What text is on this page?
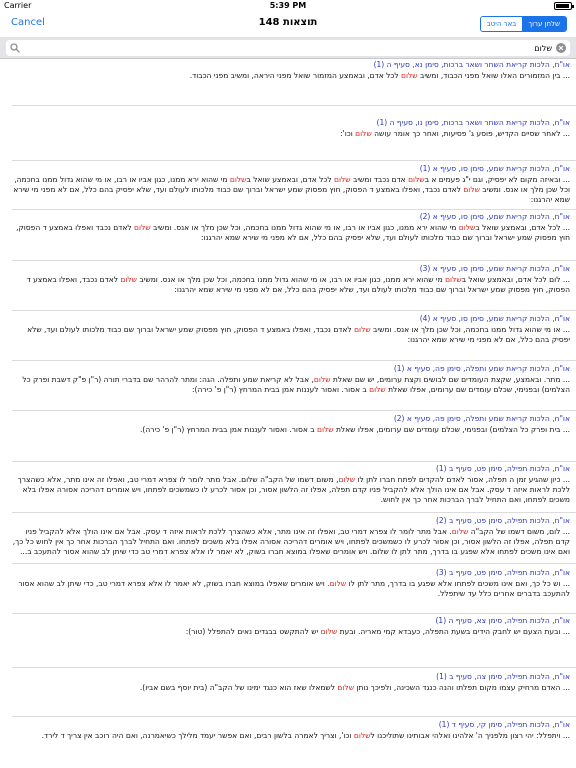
Carrier	5:39 PM
Cancel	148 תוצאות	באר היטב	שלחן ערוך
שלום
או"ח, הלכות קריאת השחר ושאר ברכות, סימן נא, סעיף ה (1)
... בין המזמורים האלו שואל מפני הכבוד, ומשיב שלום לכל אדם, ובאמצע המזמור שואל מפני היראה, ומשיב מפני הכבוד.
או"ח, הלכות קריאת השחר ושאר ברכות, סימן נו, סעיף ה (1)
... לאחר שסיים הקדיש, פוסע ג' פסיעות, ואחר כך אומר עושה שלום וכו':
או"ח, הלכות קריאת שמע, סימן סו, סעיף א (1)
... ובאיזה מקום לא יפסיק, וגם י"ג פעמים א בשלום אדם נכבד ומשיב שלום לכל אדם, ובאמצע שואל בשלום מי שהוא ירא ממנו, כגון אביו או רבו, או מי שהוא גדול ממנו בחכמה, וכל שכן מלך או אנס. ומשיב שלום לאדם נכבד, ואפלו באמצע ד הפסוק, חוץ מפסוק שמע ישראל וברוך שם כבוד מלכותו לעולם ועד, שלא יפסיק בהם כלל, אם לא מפני מי שירא שמא יהרגנו:
או"ח, הלכות קריאת שמע, סימן סו, סעיף א (2)
... לכל אדם, ובאמצע שואל בשלום מי שהוא ירא ממנו, כגון אביו או רבו, או מי שהוא גדול ממנו בחכמה, וכל שכן מלך או אנס. ומשיב שלום לאדם נכבד ואפלו באמצע ד הפסוק, חוץ מפסוק שמע ישראל וברוך שם כבוד מלכותו לעולם ועד, שלא יפסיק בהם כלל, אם לא מפני מי שירא שמא יהרגנו:
או"ח, הלכות קריאת שמע, סימן סו, סעיף א (3)
... לום לכל אדם, ובאמצע שואל בשלום מי שהוא ירא ממנו, כגון אביו או רבו, או מי שהוא גדול ממנו בחכמה, וכל שכן מלך או אנס. ומשיב שלום לאדם נכבד, ואפלו באמצע ד הפסוק, חוץ מפסוק שמע ישראל וברוך שם כבוד מלכותו לעולם ועד, שלא יפסיק בהם כלל, אם לא מפני מי שירא שמא יהרגנו:
או"ח, הלכות קריאת שמע, סימן סו, סעיף א (4)
... או מי שהוא גדול ממנו בחכמה, וכל שכן מלך או אנס. ומשיב שלום לאדם נכבד, ואפלו באמצע ד הפסוק, חוץ מפסוק שמע ישראל וברוך שם כבוד מלכותו לעולם ועד, שלא יפסיק בהם כלל, אם לא מפני מי שירא שמא יהרגנו:
או"ח, הלכות קריאת שמע ותפלה, סימן פה, סעיף א (1)
... מתר. ובאמצע, שקצת העומדים שם לבושים וקצת ערומים, יש שם שאלת שלום, אבל לא קריאת שמע ותפלה. הגה: ומתר להרהר שם בדברי תורה (ר"ן פ"ק דשבת ופרק כל הצלמים) ובפנימי, שכלם עומדים שם ערומים, אפלו שאלת שלום ב אסור. ואסור לעננות אמן בבית המרחץ (ר"ן פ' כירה):
או"ח, הלכות קריאת שמע ותפלה, סימן פה, סעיף א (2)
... בית ופרק כל הצלמים) ובפנימי, שכלם עומדים שם ערומים, אפלו שאלת שלום ב אסור. ואסור לעננות אמן בבית המרחץ (ר"ן פ' כירה).
או"ח, הלכות תפילה, סימן פט, סעיף ב (1)
... כיון שהגיע זמן ה תפלה, אסור לאדם להקדים לפתח חברו לתן לו שלום, משום דשמו של הקב"ה שלום. אבל מתר לומר לו צפרא דמרי טב, ואפלו זה אינו מתר, אלא כשהצרך ללכת לראות איזה ד עסק. אבל אם אינו הולך אלא להקביל פניו קדם תפלה, אפלו זה הלשון אסור, וכן אסור לכרע לו כשמשכים לפתחו, ויש אומרים דהריכה אסורה אפלו בלא משכים לפתחו, ואם התחיל לברך הברכות אחר כך אין לחוש.
או"ח, הלכות תפילה, סימן פט, סעיף ב (2)
... לום, משום דשמו של הקב"ה שלום. אבל מתר לומר לו צפרא דמרי טב, ואפלו זה אינו מתר, אלא כשהצרך ללכת לראות איזה ד עסק. אבל אם אינו הולך אלא להקביל פניו קדם תפלה, אפלו זה הלשון אסור, וכן אסור לכרע לו כשמשכים לפתחו, ויש אומרים דהריכה אסורה אפלו בלא משכים לפתחו. ואם התחיל לברך הברכות אחר כך אין לחוש כל כך, ואם אינו משכים לפתחו אלא שפגע בו בדרך, מתר לתן לו שלום. ויש אומרים שאפלו במוצא חברו בשוק, לא יאמר לו אלא צפרא דמרי טב כדי שיתן לב שהוא אסור להתעכב ב...
או"ח, הלכות תפילה, סימן פט, סעיף ב (3)
... וש כל כך, ואם אינו משכים לפתחו אלא שפגע בו בדרך, מתר לתן לו שלום. ויש אומרים שאפלו במוצא חברו בשוק, לא יאמר לו אלא צפרא דמרי טב, כדי שיתן לב שהוא אסור להתעכב בדברים אחרים כלל עד שיתפלל.
או"ח, הלכות תפילה, סימן צא, סעיף ה (1)
... ובעת הצעם יש לחבק הידים בשעת התפלה, כעבדא קמי מאריה. ובעת שלום יש להתקשט בבגדים נאים להתפלל (טור):
או"ח, הלכות תפילה, סימן צה, סעיף ב (1)
... האדם מרחיק עצמו מקום תפלתו והנה כנגד השכינה, ולפיכך נותן שלום לשמאלו שאז הוא כנגד ימינו של הקב"ה (בית יוסף בשם אביו).
או"ח, הלכות תפילה, סימן קי, סעיף ד (1)
... ויתפלל: יהי רצון מלפניך ה' אלהינו ואלהי אבותינו שתוליכנו לשלום וכו', וצריך לאמרה בלשון רבים, ואם אפשר יעמד מלילך כשיאמרנה, ואם היה רוכב אין צריך ד לירד.
